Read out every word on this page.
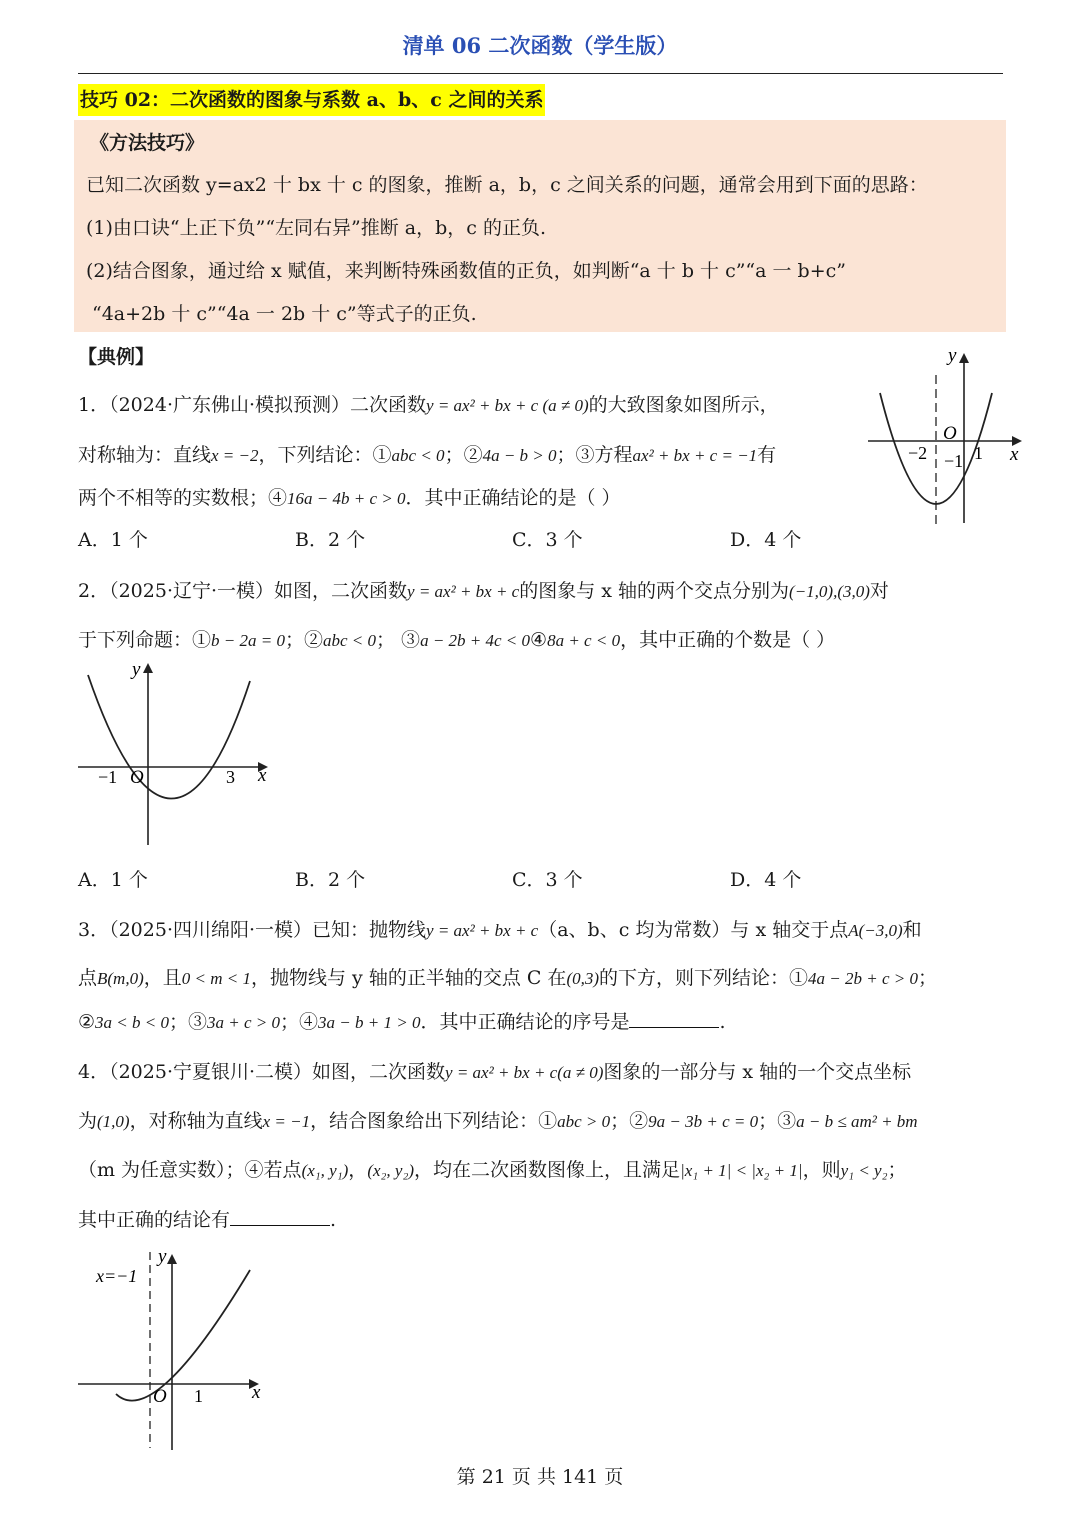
清单 06 二次函数（学生版）
技巧 02：二次函数的图象与系数 a、b、c 之间的关系
《方法技巧》
已知二次函数 y=ax2 十 bx 十 c 的图象，推断 a，b，c 之间关系的问题，通常会用到下面的思路：
(1)由口诀“上正下负”“左同右异”推断 a，b，c 的正负.
(2)结合图象，通过给 x 赋值，来判断特殊函数值的正负，如判断“a 十 b 十 c”“a 一 b+c”
“4a+2b 十 c”“4a 一 2b 十 c”等式子的正负.
【典例】
1．（2024·广东佛山·模拟预测）二次函数y = ax² + bx + c (a ≠ 0)的大致图象如图所示，
对称轴为：直线x = −2，下列结论：①abc < 0；②4a − b > 0；③方程ax² + bx + c = −1有
两个不相等的实数根；④16a − 4b + c > 0．其中正确结论的是（ ）
y
x
O
−2 −1 1
A．1 个	B．2 个	C．3 个	D．4 个
2．（2025·辽宁·一模）如图，二次函数y = ax² + bx + c的图象与 x 轴的两个交点分别为(−1,0),(3,0)对
于下列命题：①b − 2a = 0；②abc < 0； ③a − 2b + 4c < 0④8a + c < 0，其中正确的个数是（ ）
y
x
O
−1	3
A．1 个	B．2 个	C．3 个	D．4 个
3．（2025·四川绵阳·一模）已知：抛物线y = ax² + bx + c（a、b、c 均为常数）与 x 轴交于点A(−3,0)和
点B(m,0)，且0 < m < 1，抛物线与 y 轴的正半轴的交点 C 在(0,3)的下方，则下列结论：①4a − 2b + c > 0；
②3a < b < 0；③3a + c > 0；④3a − b + 1 > 0．其中正确结论的序号是	.
4．（2025·宁夏银川·二模）如图，二次函数y = ax² + bx + c(a ≠ 0)图象的一部分与 x 轴的一个交点坐标
为(1,0)，对称轴为直线x = −1，结合图象给出下列结论：①abc > 0；②9a − 3b + c = 0；③a − b ≤ am² + bm
（m 为任意实数）；④若点(x₁, y₁)，(x₂, y₂)，均在二次函数图像上，且满足|x₁ + 1| < |x₂ + 1|，则y₁ < y₂；
其中正确的结论有	.
x=−1
y
x
O 1
第 21 页 共 141 页
